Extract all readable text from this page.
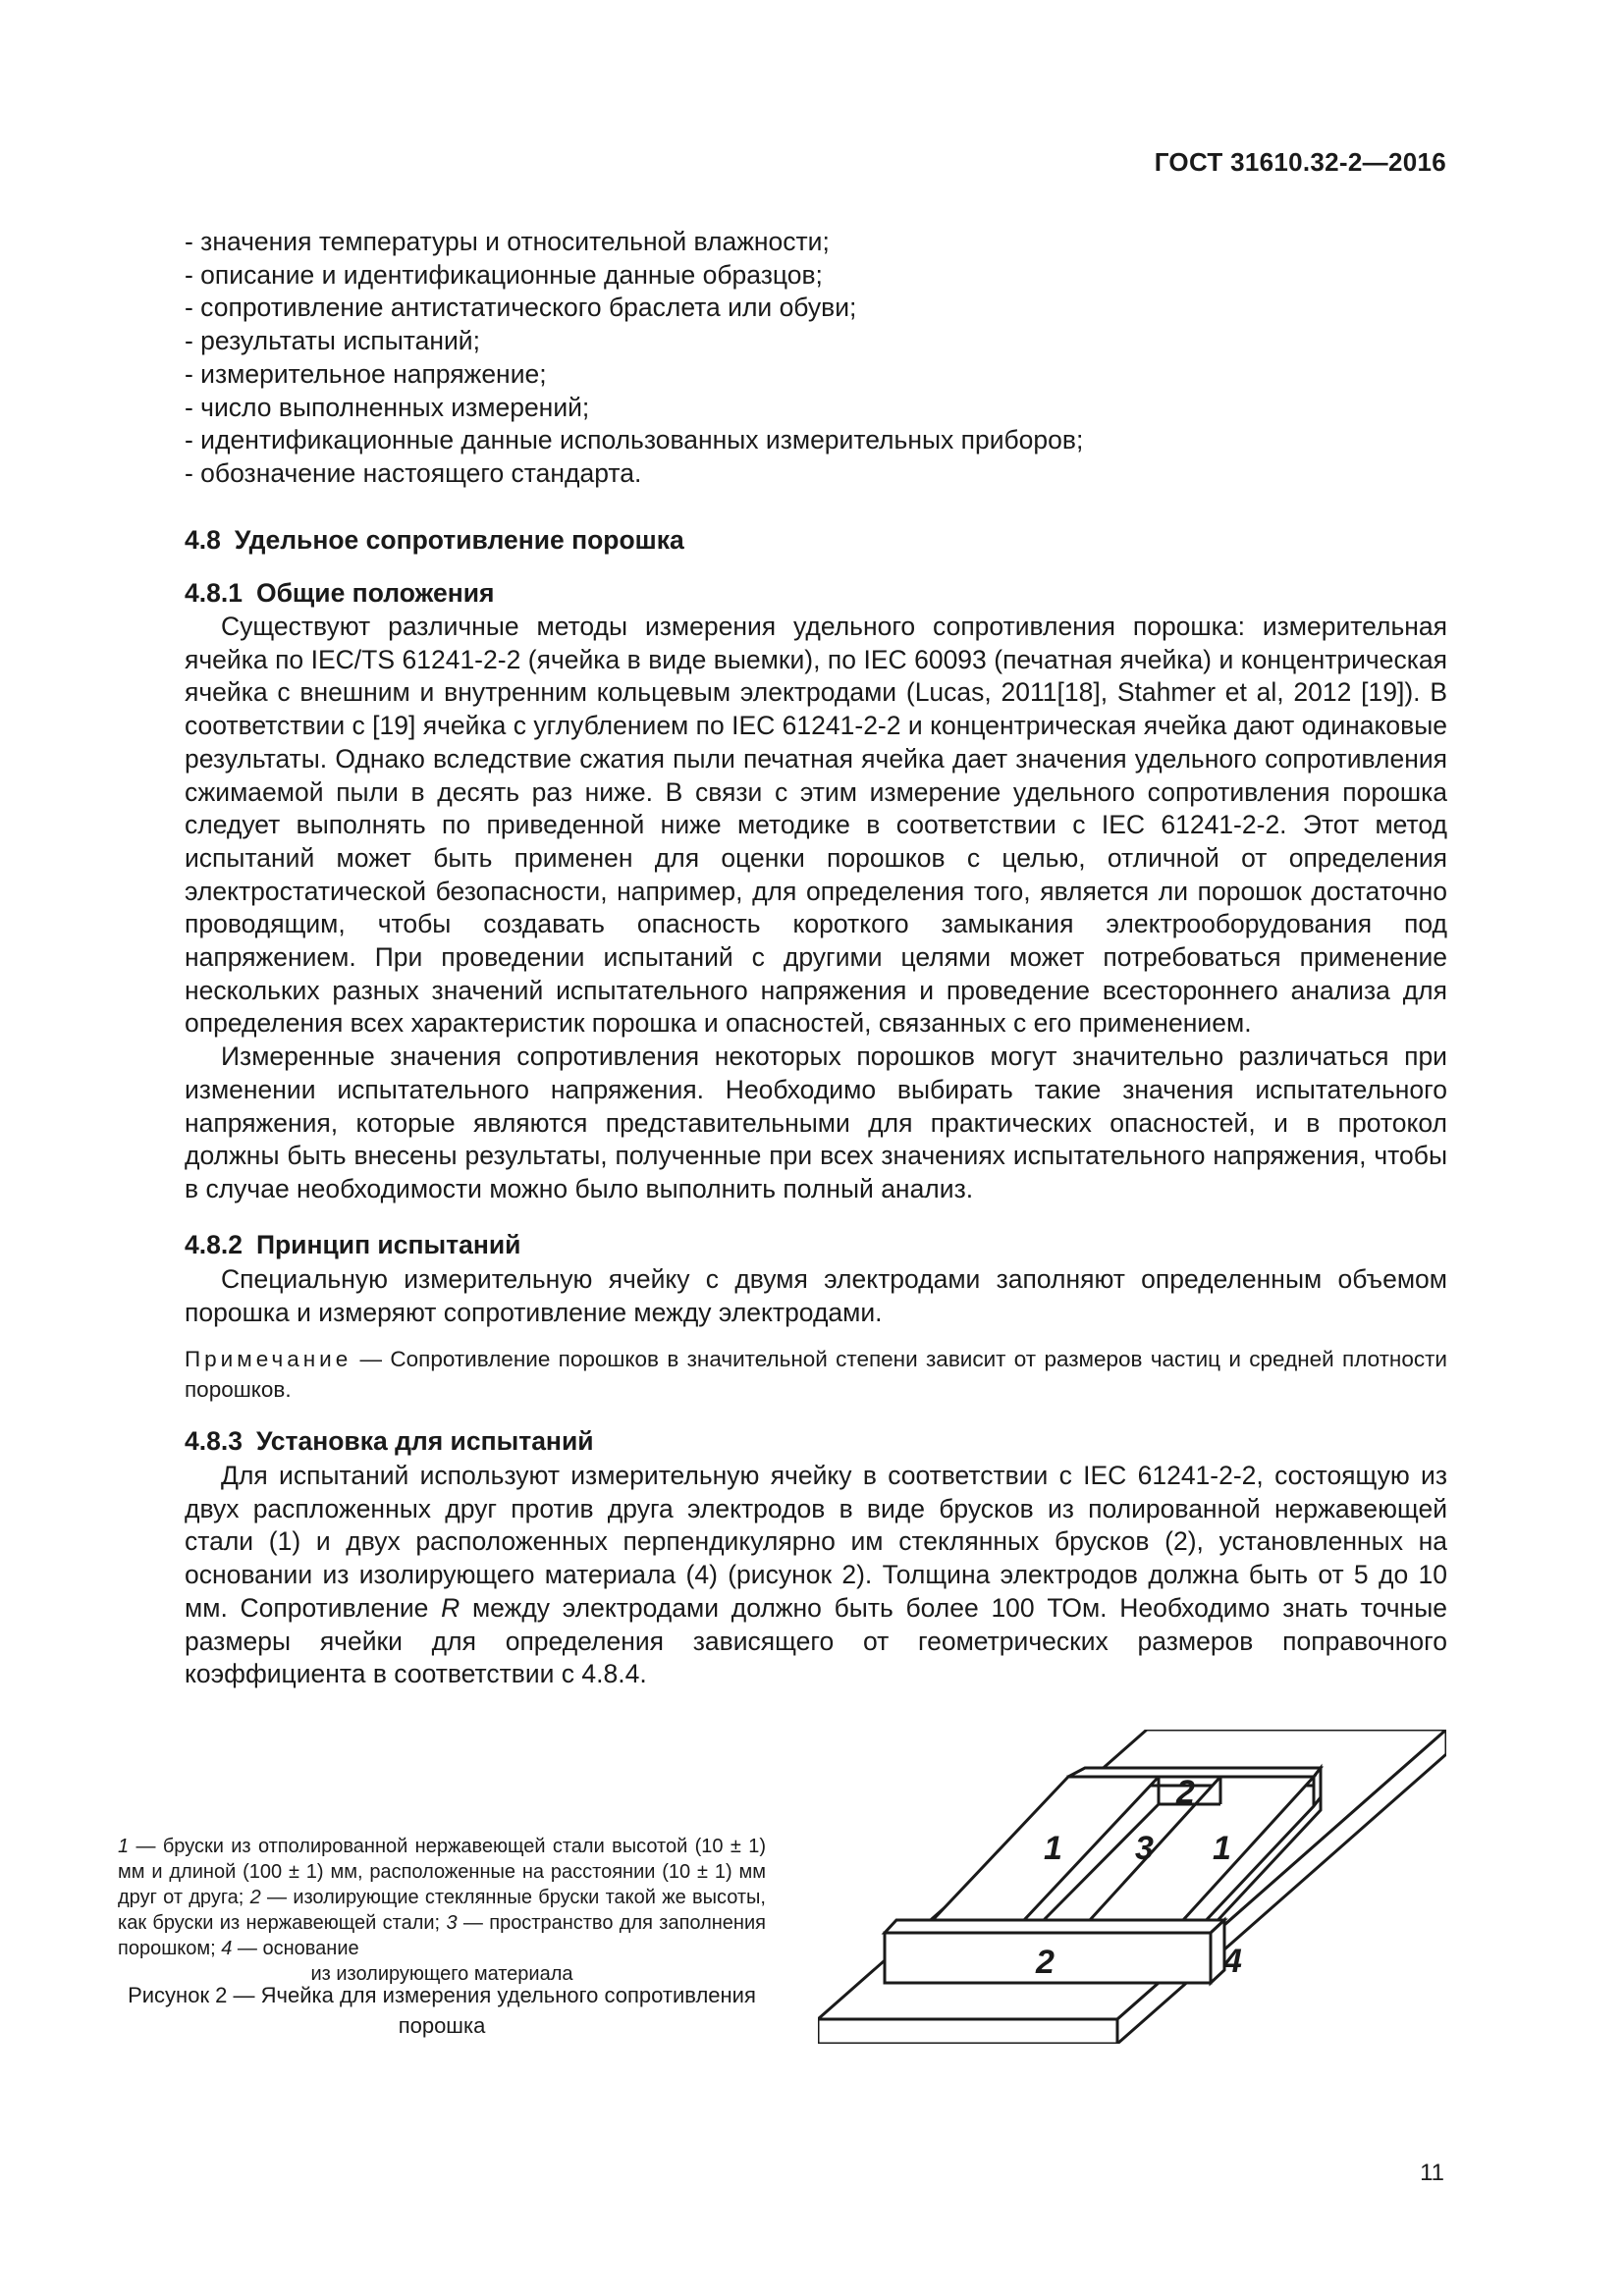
ГОСТ 31610.32-2—2016
- значения температуры и относительной влажности;
- описание и идентификационные данные образцов;
- сопротивление антистатического браслета или обуви;
- результаты испытаний;
- измерительное напряжение;
- число выполненных измерений;
- идентификационные данные использованных измерительных приборов;
- обозначение настоящего стандарта.
4.8 Удельное сопротивление порошка
4.8.1 Общие положения

Существуют различные методы измерения удельного сопротивления порошка: измерительная ячейка по IEC/TS 61241-2-2 (ячейка в виде выемки), по IEC 60093 (печатная ячейка) и концентрическая ячейка с внешним и внутренним кольцевым электродами (Lucas, 2011[18], Stahmer et al, 2012 [19]). В соответствии с [19] ячейка с углублением по IEC 61241-2-2 и концентрическая ячейка дают одинаковые результаты. Однако вследствие сжатия пыли печатная ячейка дает значения удельного сопротивления сжимаемой пыли в десять раз ниже. В связи с этим измерение удельного сопротивления порошка следует выполнять по приведенной ниже методике в соответствии с IEC 61241-2-2. Этот метод испытаний может быть применен для оценки порошков с целью, отличной от определения электростатической безопасности, например, для определения того, является ли порошок достаточно проводящим, чтобы создавать опасность короткого замыкания электрооборудования под напряжением. При проведении испытаний с другими целями может потребоваться применение нескольких разных значений испытательного напряжения и проведение всестороннего анализа для определения всех характеристик порошка и опасностей, связанных с его применением.

Измеренные значения сопротивления некоторых порошков могут значительно различаться при изменении испытательного напряжения. Необходимо выбирать такие значения испытательного напряжения, которые являются представительными для практических опасностей, и в протокол должны быть внесены результаты, полученные при всех значениях испытательного напряжения, чтобы в случае необходимости можно было выполнить полный анализ.

4.8.2 Принцип испытаний

Специальную измерительную ячейку с двумя электродами заполняют определенным объемом порошка и измеряют сопротивление между электродами.

Примечание — Сопротивление порошков в значительной степени зависит от размеров частиц и средней плотности порошков.
4.8.3 Установка для испытаний

Для испытаний используют измерительную ячейку в соответствии с IEC 61241-2-2, состоящую из двух распложенных друг против друга электродов в виде брусков из полированной нержавеющей стали (1) и двух расположенных перпендикулярно им стеклянных брусков (2), установленных на основании из изолирующего материала (4) (рисунок 2). Толщина электродов должна быть от 5 до 10 мм. Сопротивление R между электродами должно быть более 100 ТОм. Необходимо знать точные размеры ячейки для определения зависящего от геометрических размеров поправочного коэффициента в соответствии с 4.8.4.

1 — бруски из отполированной нержавеющей стали высотой (10 ± 1) мм и длиной (100 ± 1) мм, расположенные на расстоянии (10 ± 1) мм друг от друга; 2 — изолирующие стеклянные бруски такой же высоты, как бруски из нержавеющей стали; 3 — пространство для заполнения порошком; 4 — основание
из изолирующего материала
Рисунок 2 — Ячейка для измерения удельного сопротивления порошка
1 3 1
2
2	4
11
